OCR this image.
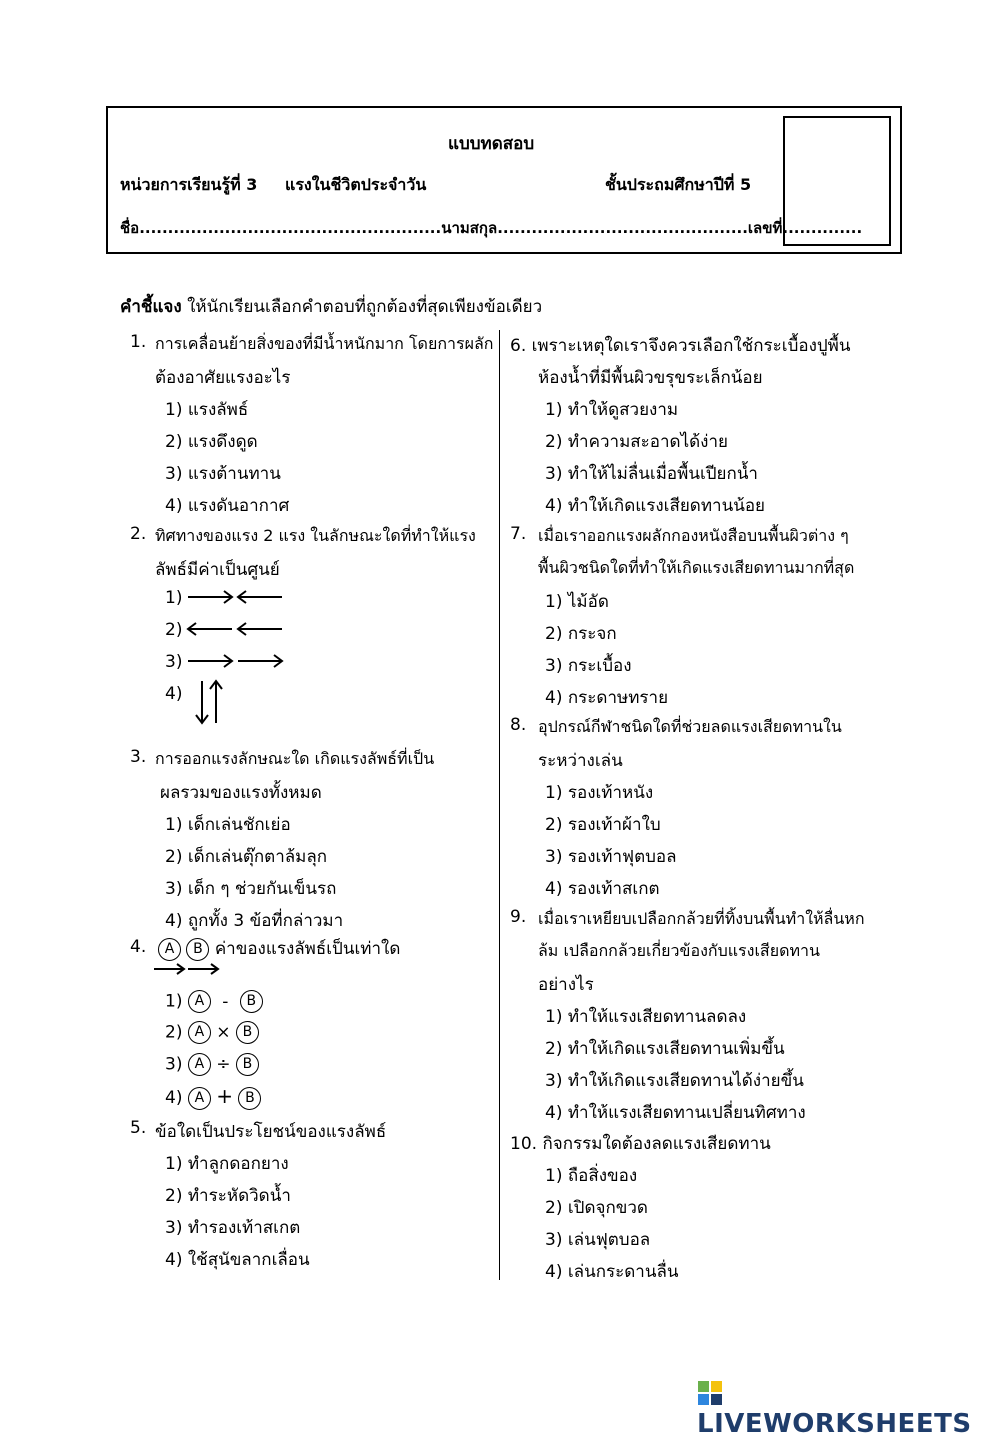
แบบทดสอบ
หน่วยการเรียนรู้ที่ 3 แรงในชีวิตประจำวัน	ชั้นประถมศึกษาปีที่ 5
ชื่อ.....................................................นามสกุล............................................เลขที่..............
คำชี้แจง ให้นักเรียนเลือกคำตอบที่ถูกต้องที่สุดเพียงข้อเดียว
1. การเคลื่อนย้ายสิ่งของที่มีน้ำหนักมาก โดยการผลัก
ต้องอาศัยแรงอะไร
1) แรงลัพธ์
2) แรงดึงดูด
3) แรงต้านทาน
4) แรงดันอากาศ
2. ทิศทางของแรง 2 แรง ในลักษณะใดที่ทำให้แรง
ลัพธ์มีค่าเป็นศูนย์
1)
2)
3)
4)
3. การออกแรงลักษณะใด เกิดแรงลัพธ์ที่เป็น
ผลรวมของแรงทั้งหมด
1) เด็กเล่นชักเย่อ
2) เด็กเล่นตุ๊กตาล้มลุก
3) เด็ก ๆ ช่วยกันเข็นรถ
4) ถูกทั้ง 3 ข้อที่กล่าวมา
4.	A B ค่าของแรงลัพธ์เป็นเท่าใด
1) A - B
2) A × B
3) A ÷ B
4) A + B
5. ข้อใดเป็นประโยชน์ของแรงลัพธ์
1) ทำลูกดอกยาง
2) ทำระหัดวิดน้ำ
3) ทำรองเท้าสเกต
4) ใช้สุนัขลากเลื่อน
6. เพราะเหตุใดเราจึงควรเลือกใช้กระเบื้องปูพื้น
ห้องน้ำที่มีพื้นผิวขรุขระเล็กน้อย
1) ทำให้ดูสวยงาม
2) ทำความสะอาดได้ง่าย
3) ทำให้ไม่ลื่นเมื่อพื้นเปียกน้ำ
4) ทำให้เกิดแรงเสียดทานน้อย
7. เมื่อเราออกแรงผลักกองหนังสือบนพื้นผิวต่าง ๆ
พื้นผิวชนิดใดที่ทำให้เกิดแรงเสียดทานมากที่สุด
1) ไม้อัด
2) กระจก
3) กระเบื้อง
4) กระดาษทราย
8. อุปกรณ์กีฬาชนิดใดที่ช่วยลดแรงเสียดทานใน
ระหว่างเล่น
1) รองเท้าหนัง
2) รองเท้าผ้าใบ
3) รองเท้าฟุตบอล
4) รองเท้าสเกต
9. เมื่อเราเหยียบเปลือกกล้วยที่ทิ้งบนพื้นทำให้ลื่นหก
ล้ม เปลือกกล้วยเกี่ยวข้องกับแรงเสียดทาน
อย่างไร
1) ทำให้แรงเสียดทานลดลง
2) ทำให้เกิดแรงเสียดทานเพิ่มขึ้น
3) ทำให้เกิดแรงเสียดทานได้ง่ายขึ้น
4) ทำให้แรงเสียดทานเปลี่ยนทิศทาง
10. กิจกรรมใดต้องลดแรงเสียดทาน
1) ถือสิ่งของ
2) เปิดจุกขวด
3) เล่นฟุตบอล
4) เล่นกระดานลื่น
LIVEWORKSHEETS
